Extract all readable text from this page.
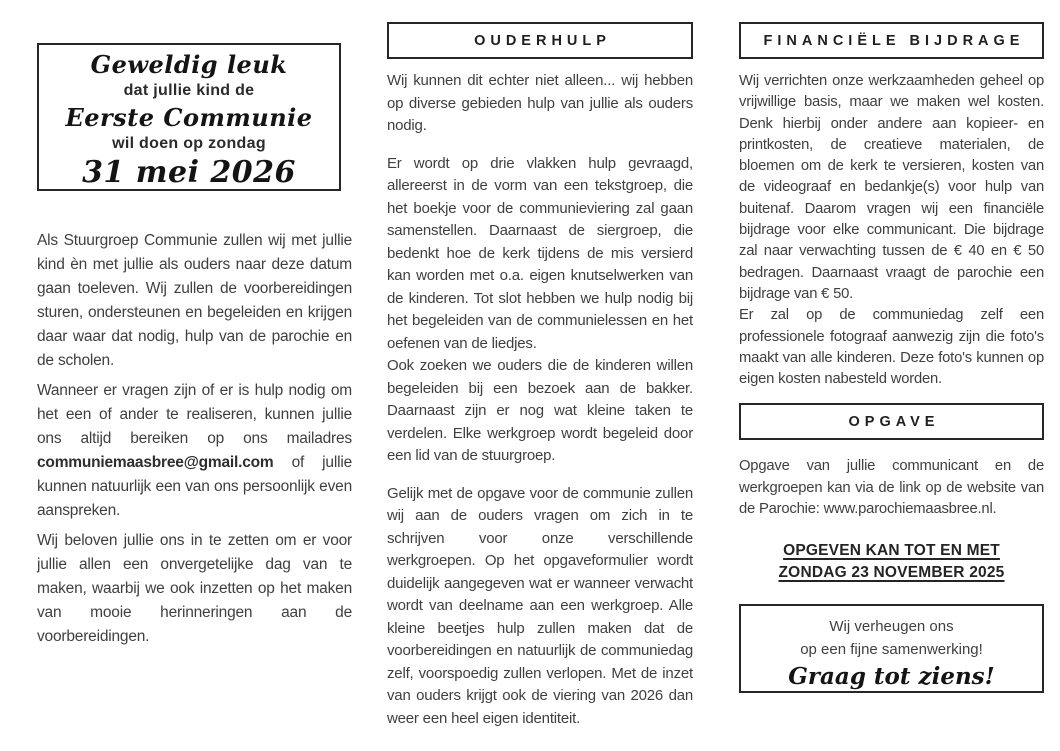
Geweldig leuk
dat jullie kind de
Eerste Communie
wil doen op zondag
31 mei 2026

Als Stuurgroep Communie zullen wij met jullie kind èn met jullie als ouders naar deze datum gaan toeleven. Wij zullen de voorbereidingen sturen, ondersteunen en begeleiden en krijgen daar waar dat nodig, hulp van de parochie en de scholen.

Wanneer er vragen zijn of er is hulp nodig om het een of ander te realiseren, kunnen jullie ons altijd bereiken op ons mailadres communiemaasbree@gmail.com of jullie kunnen natuurlijk een van ons persoonlijk even aanspreken.

Wij beloven jullie ons in te zetten om er voor jullie allen een onvergetelijke dag van te maken, waarbij we ook inzetten op het maken van mooie herinneringen aan de voorbereidingen.

OUDERHULP

Wij kunnen dit echter niet alleen... wij hebben op diverse gebieden hulp van jullie als ouders nodig.

Er wordt op drie vlakken hulp gevraagd, allereerst in de vorm van een tekstgroep, die het boekje voor de communieviering zal gaan samenstellen. Daarnaast de siergroep, die bedenkt hoe de kerk tijdens de mis versierd kan worden met o.a. eigen knutselwerken van de kinderen. Tot slot hebben we hulp nodig bij het begeleiden van de communielessen en het oefenen van de liedjes.

Ook zoeken we ouders die de kinderen willen begeleiden bij een bezoek aan de bakker. Daarnaast zijn er nog wat kleine taken te verdelen. Elke werkgroep wordt begeleid door een lid van de stuurgroep.

Gelijk met de opgave voor de communie zullen wij aan de ouders vragen om zich in te schrijven voor onze verschillende werkgroepen. Op het opgaveformulier wordt duidelijk aangegeven wat er wanneer verwacht wordt van deelname aan een werkgroep. Alle kleine beetjes hulp zullen maken dat de voorbereidingen en natuurlijk de communiedag zelf, voorspoedig zullen verlopen. Met de inzet van ouders krijgt ook de viering van 2026 dan weer een heel eigen identiteit.

FINANCIËLE BIJDRAGE

Wij verrichten onze werkzaamheden geheel op vrijwillige basis, maar we maken wel kosten. Denk hierbij onder andere aan kopieer- en printkosten, de creatieve materialen, de bloemen om de kerk te versieren, kosten van de videograaf en bedankje(s) voor hulp van buitenaf. Daarom vragen wij een financiële bijdrage voor elke communicant. Die bijdrage zal naar verwachting tussen de € 40 en € 50 bedragen. Daarnaast vraagt de parochie een bijdrage van € 50.

Er zal op de communiedag zelf een professionele fotograaf aanwezig zijn die foto's maakt van alle kinderen. Deze foto's kunnen op eigen kosten nabesteld worden.

OPGAVE

Opgave van jullie communicant en de werkgroepen kan via de link op de website van de Parochie: www.parochiemaasbree.nl.

OPGEVEN KAN TOT EN MET
ZONDAG 23 NOVEMBER 2025
Wij verheugen ons
op een fijne samenwerking!
Graag tot ziens!
